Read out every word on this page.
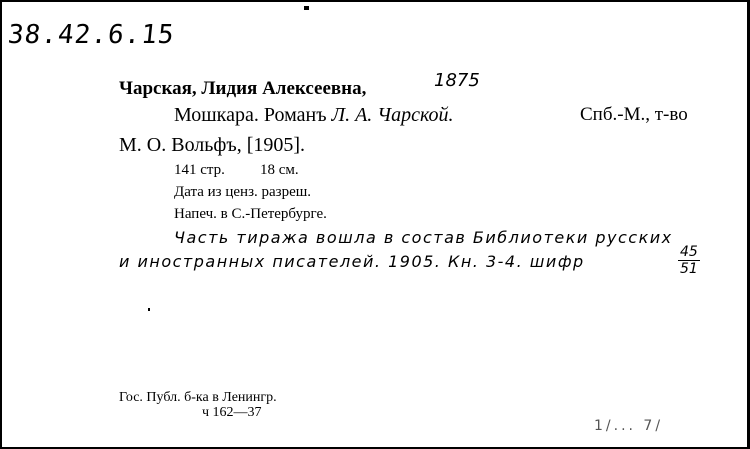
38.42.6.15
Чарская, Лидия Алексеевна,	1875
Мошкара. Романъ Л. А. Чарской.	Спб.-М., т-во
М. О. Вольфъ, [1905].
141 стр. 18 см.
Дата из ценз. разреш.
Напеч. в С.-Петербурге.
Часть тиража вошла в состав Библиотеки русских
и иностранных писателей. 1905. Кн. 3-4. шифр	$\frac{45}{51}$
Гос. Публ. б-ка в Ленингр.
ч 162—37
1/... 7/
